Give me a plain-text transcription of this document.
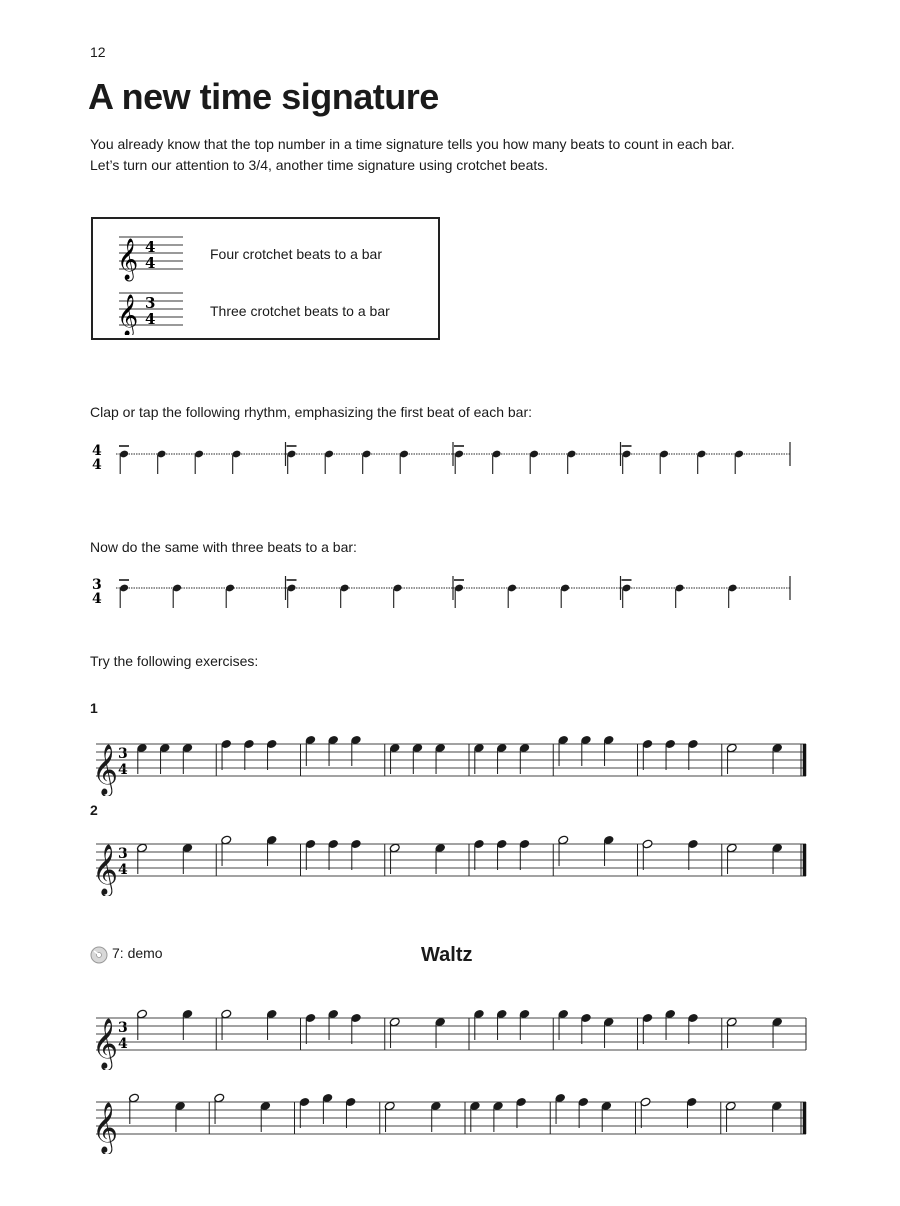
12
A new time signature
You already know that the top number in a time signature tells you how many beats to count in each bar.
Let’s turn our attention to 3/4, another time signature using crotchet beats.
𝄞 4
4
𝄞 3
4
Four crotchet beats to a bar
Three crotchet beats to a bar
Clap or tap the following rhythm, emphasizing the first beat of each bar:
4
4
Now do the same with three beats to a bar:
3
4
Try the following exercises:
1
3
4
𝄞
2
3
4
𝄞
7: demo	Waltz
3
4
𝄞
𝄞
